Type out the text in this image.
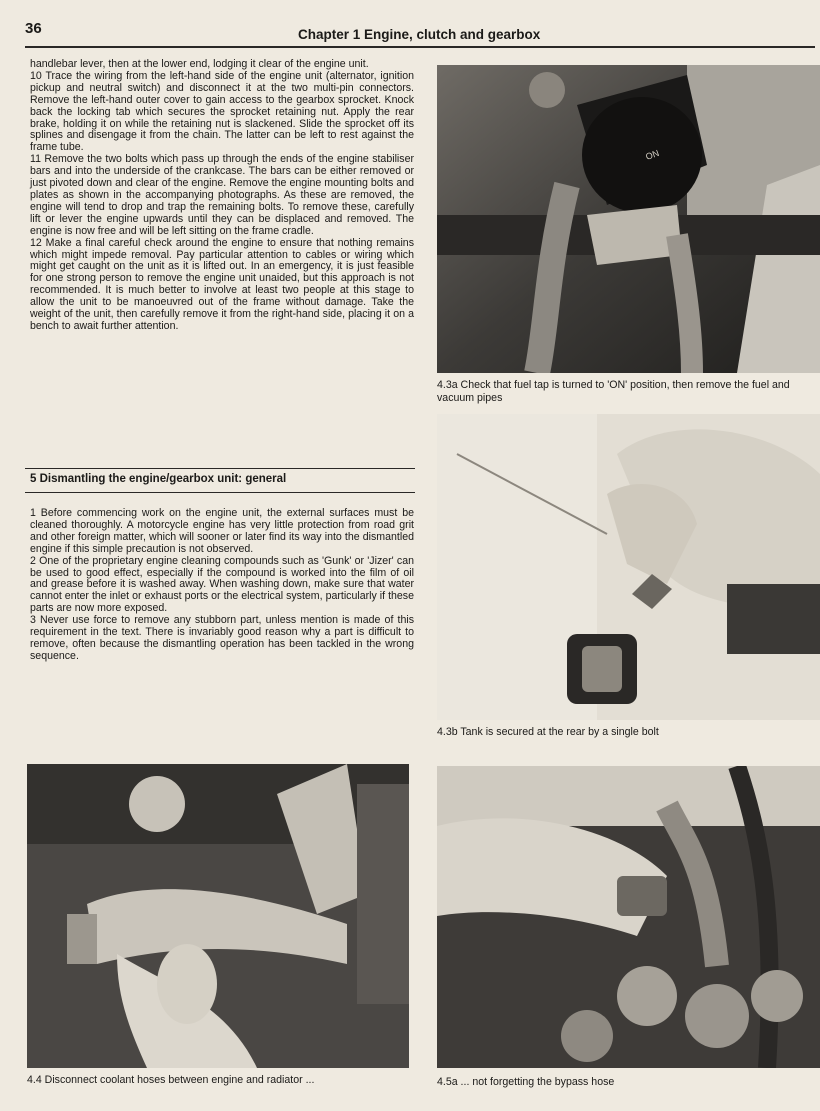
36	Chapter 1 Engine, clutch and gearbox

handlebar lever, then at the lower end, lodging it clear of the engine unit.

10 Trace the wiring from the left-hand side of the engine unit (alternator, ignition pickup and neutral switch) and disconnect it at the two multi-pin connectors. Remove the left-hand outer cover to gain access to the gearbox sprocket. Knock back the locking tab which secures the sprocket retaining nut. Apply the rear brake, holding it on while the retaining nut is slackened. Slide the sprocket off its splines and disengage it from the chain. The latter can be left to rest against the frame tube.

11 Remove the two bolts which pass up through the ends of the engine stabiliser bars and into the underside of the crankcase. The bars can be either removed or just pivoted down and clear of the engine. Remove the engine mounting bolts and plates as shown in the accompanying photographs. As these are removed, the engine will tend to drop and trap the remaining bolts. To remove these, carefully lift or lever the engine upwards until they can be displaced and removed. The engine is now free and will be left sitting on the frame cradle.

12 Make a final careful check around the engine to ensure that nothing remains which might impede removal. Pay particular attention to cables or wiring which might get caught on the unit as it is lifted out. In an emergency, it is just feasible for one strong person to remove the engine unit unaided, but this approach is not recommended. It is much better to involve at least two people at this stage to allow the unit to be manoeuvred out of the frame without damage. Take the weight of the unit, then carefully remove it from the right-hand side, placing it on a bench to await further attention.

5 Dismantling the engine/gearbox unit: general

1 Before commencing work on the engine unit, the external surfaces must be cleaned thoroughly. A motorcycle engine has very little protection from road grit and other foreign matter, which will sooner or later find its way into the dismantled engine if this simple precaution is not observed.

2 One of the proprietary engine cleaning compounds such as 'Gunk' or 'Jizer' can be used to good effect, especially if the compound is worked into the film of oil and grease before it is washed away. When washing down, make sure that water cannot enter the inlet or exhaust ports or the electrical system, particularly if these parts are now more exposed.

3 Never use force to remove any stubborn part, unless mention is made of this requirement in the text. There is invariably good reason why a part is difficult to remove, often because the dismantling operation has been tackled in the wrong sequence.

ON
4.3a Check that fuel tap is turned to 'ON' position, then remove the fuel and vacuum pipes
4.3b Tank is secured at the rear by a single bolt
4.4 Disconnect coolant hoses between engine and radiator ...	4.5a ... not forgetting the bypass hose
